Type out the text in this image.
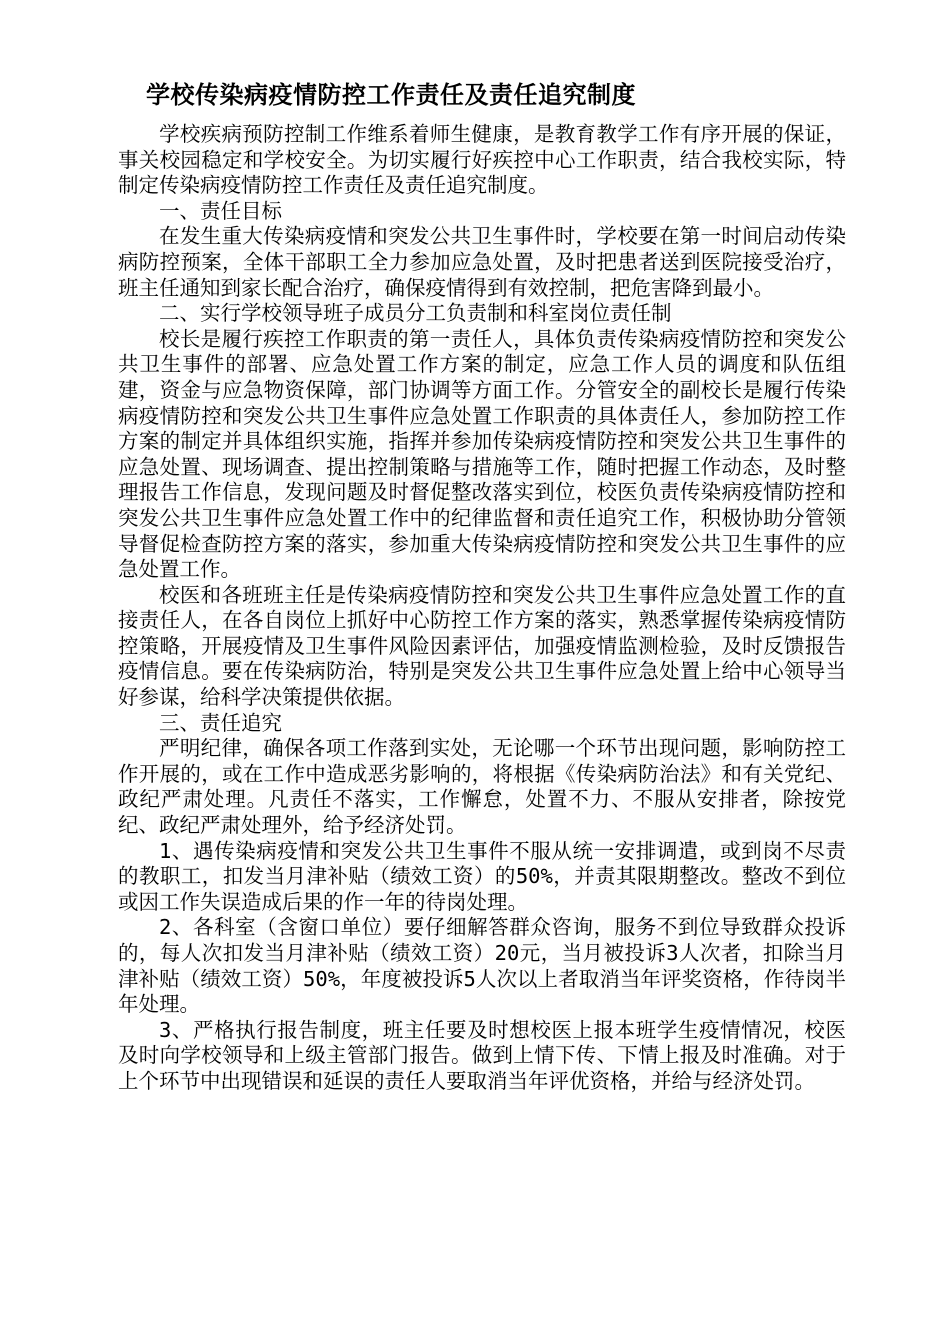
学校传染病疫情防控工作责任及责任追究制度

学校疾病预防控制工作维系着师生健康，是教育教学工作有序开展的保证，事关校园稳定和学校安全。为切实履行好疾控中心工作职责，结合我校实际，特制定传染病疫情防控工作责任及责任追究制度。

一、责任目标

在发生重大传染病疫情和突发公共卫生事件时，学校要在第一时间启动传染病防控预案，全体干部职工全力参加应急处置，及时把患者送到医院接受治疗，班主任通知到家长配合治疗，确保疫情得到有效控制，把危害降到最小。

二、实行学校领导班子成员分工负责制和科室岗位责任制

校长是履行疾控工作职责的第一责任人，具体负责传染病疫情防控和突发公共卫生事件的部署、应急处置工作方案的制定，应急工作人员的调度和队伍组建，资金与应急物资保障，部门协调等方面工作。分管安全的副校长是履行传染病疫情防控和突发公共卫生事件应急处置工作职责的具体责任人，参加防控工作方案的制定并具体组织实施，指挥并参加传染病疫情防控和突发公共卫生事件的应急处置、现场调查、提出控制策略与措施等工作，随时把握工作动态，及时整理报告工作信息，发现问题及时督促整改落实到位，校医负责传染病疫情防控和突发公共卫生事件应急处置工作中的纪律监督和责任追究工作，积极协助分管领导督促检查防控方案的落实，参加重大传染病疫情防控和突发公共卫生事件的应急处置工作。

校医和各班班主任是传染病疫情防控和突发公共卫生事件应急处置工作的直接责任人，在各自岗位上抓好中心防控工作方案的落实，熟悉掌握传染病疫情防控策略，开展疫情及卫生事件风险因素评估，加强疫情监测检验，及时反馈报告疫情信息。要在传染病防治，特别是突发公共卫生事件应急处置上给中心领导当好参谋，给科学决策提供依据。

三、责任追究

严明纪律，确保各项工作落到实处，无论哪一个环节出现问题，影响防控工作开展的，或在工作中造成恶劣影响的，将根据《传染病防治法》和有关党纪、政纪严肃处理。凡责任不落实，工作懈怠，处置不力、不服从安排者，除按党纪、政纪严肃处理外，给予经济处罚。

1、遇传染病疫情和突发公共卫生事件不服从统一安排调遣，或到岗不尽责的教职工，扣发当月津补贴（绩效工资）的50%，并责其限期整改。整改不到位或因工作失误造成后果的作一年的待岗处理。

2、各科室（含窗口单位）要仔细解答群众咨询，服务不到位导致群众投诉的，每人次扣发当月津补贴（绩效工资）20元，当月被投诉3人次者，扣除当月津补贴（绩效工资）50%，年度被投诉5人次以上者取消当年评奖资格，作待岗半年处理。

3、严格执行报告制度，班主任要及时想校医上报本班学生疫情情况，校医及时向学校领导和上级主管部门报告。做到上情下传、下情上报及时准确。对于上个环节中出现错误和延误的责任人要取消当年评优资格，并给与经济处罚。
